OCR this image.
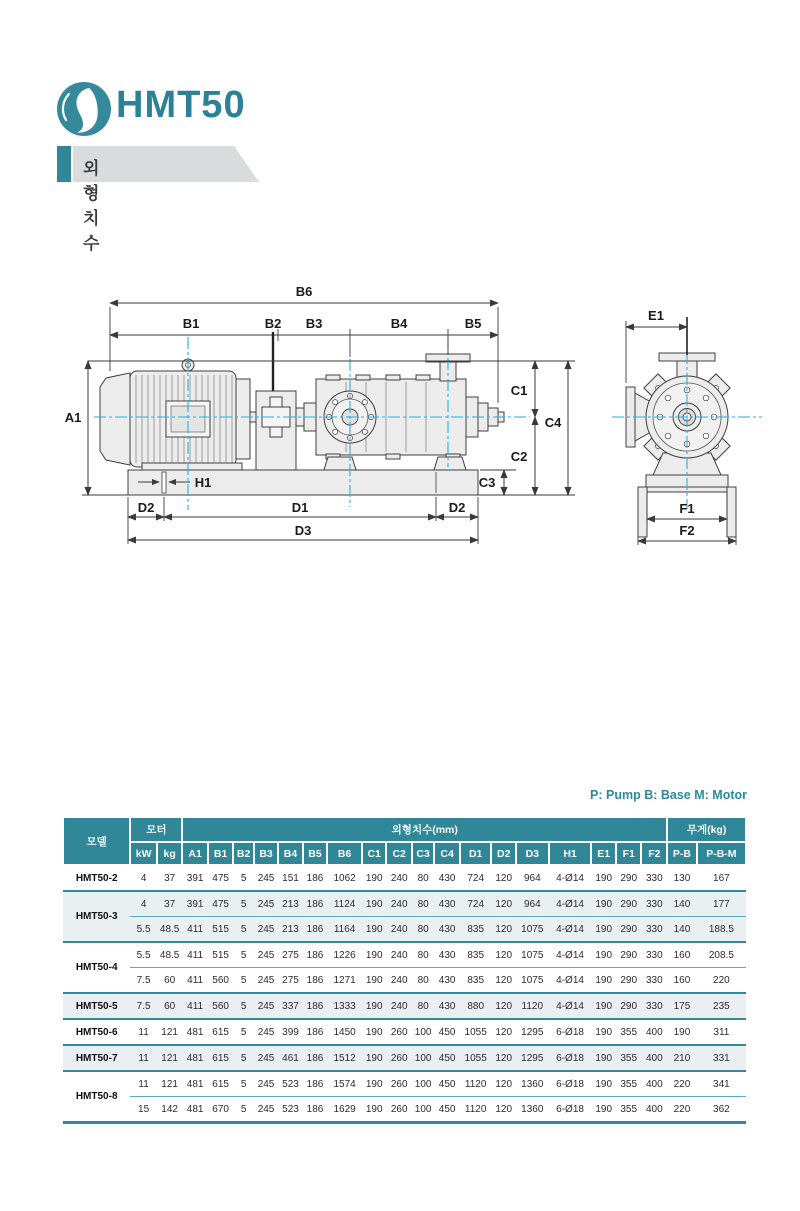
HMT50
외형치수
B6
B1	B2 B3	B4	B5
A1
C1
C2
C3
C4
H1
D2	D1	D2
D3
E1
F1
F2
P: Pump B: Base M: Motor
모델	모터		외형치수(mm)																		무게(kg)	
	kW	kg	A1	B1	B2	B3	B4	B5	B6	C1	C2	C3	C4	D1	D2	D3	H1	E1	F1	F2	P-B	P-B-M
HMT50-2	4	37	391	475	5	245	151	186	1062	190	240	80	430	724	120	964	4-Ø14	190	290	330	130	167
HMT50-3	4	37	391	475	5	245	213	186	1124	190	240	80	430	724	120	964	4-Ø14	190	290	330	140	177
	5.5	48.5	411	515	5	245	213	186	1164	190	240	80	430	835	120	1075	4-Ø14	190	290	330	140	188.5
HMT50-4	5.5	48.5	411	515	5	245	275	186	1226	190	240	80	430	835	120	1075	4-Ø14	190	290	330	160	208.5
	7.5	60	411	560	5	245	275	186	1271	190	240	80	430	835	120	1075	4-Ø14	190	290	330	160	220
HMT50-5	7.5	60	411	560	5	245	337	186	1333	190	240	80	430	880	120	1120	4-Ø14	190	290	330	175	235
HMT50-6	11	121	481	615	5	245	399	186	1450	190	260	100	450	1055	120	1295	6-Ø18	190	355	400	190	311
HMT50-7	11	121	481	615	5	245	461	186	1512	190	260	100	450	1055	120	1295	6-Ø18	190	355	400	210	331
HMT50-8	11	121	481	615	5	245	523	186	1574	190	260	100	450	1120	120	1360	6-Ø18	190	355	400	220	341
	15	142	481	670	5	245	523	186	1629	190	260	100	450	1120	120	1360	6-Ø18	190	355	400	220	362
